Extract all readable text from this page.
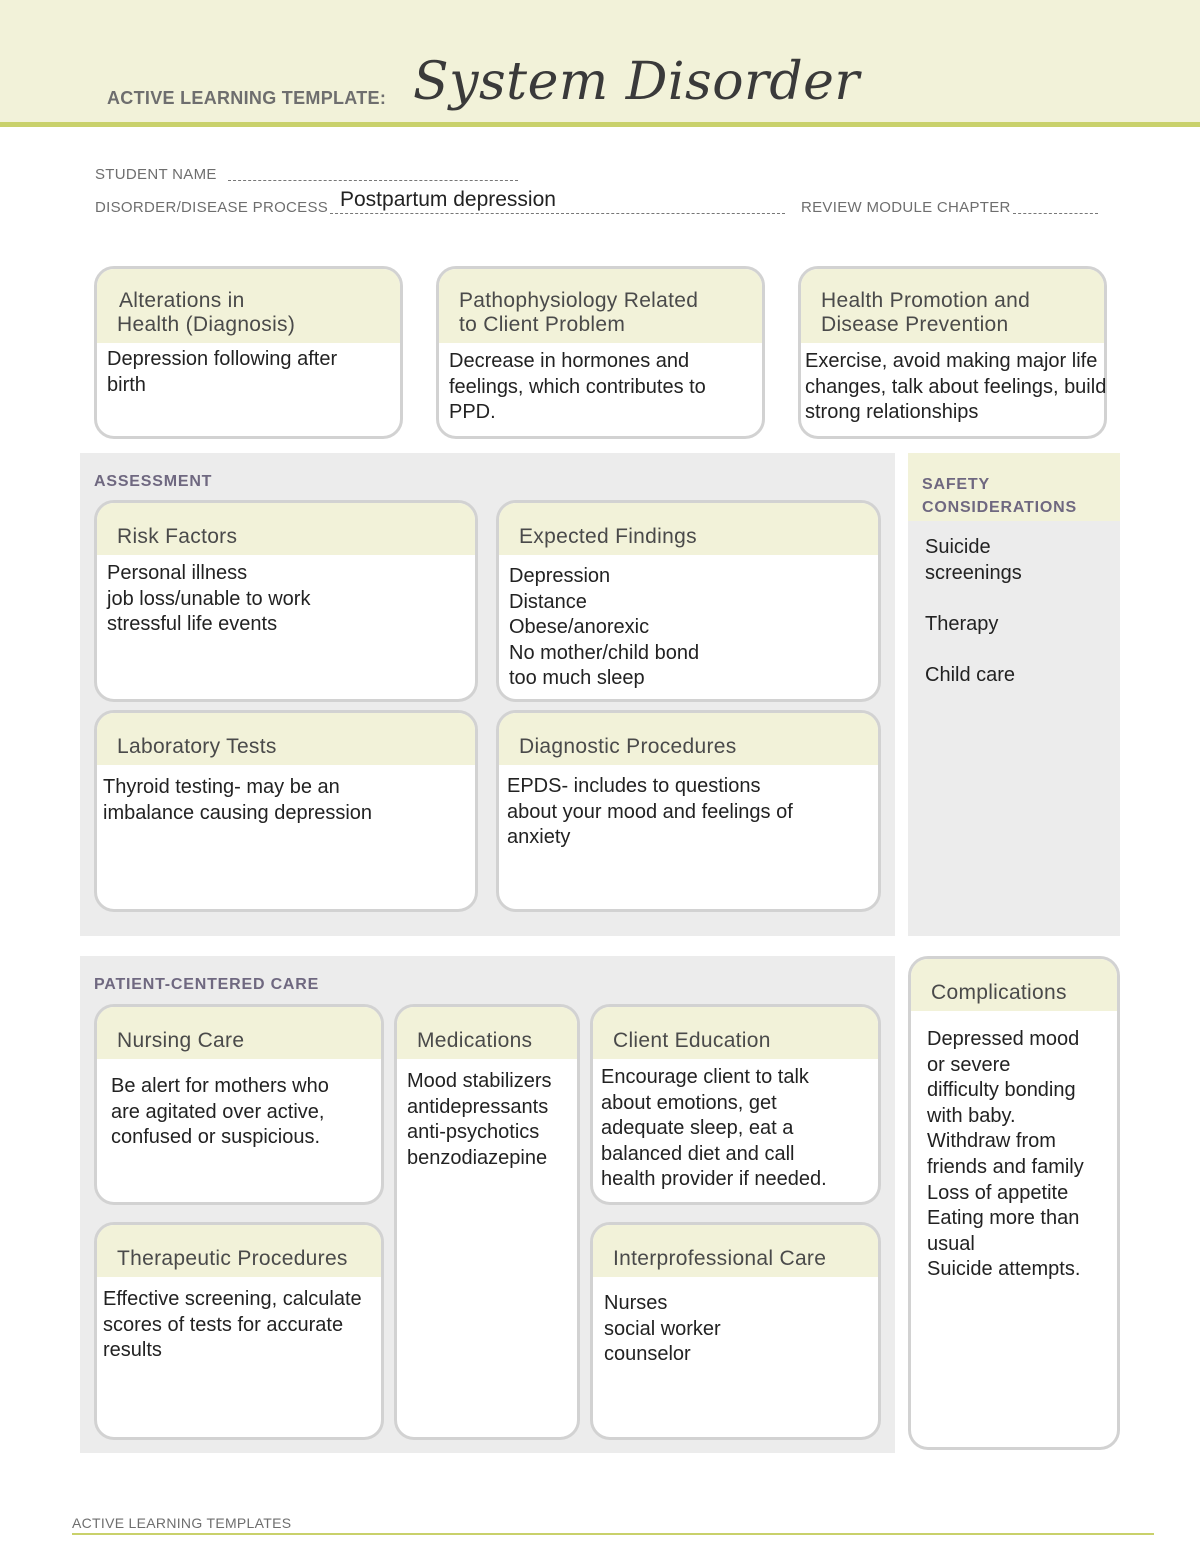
ACTIVE LEARNING TEMPLATE: System Disorder
STUDENT NAME
DISORDER/DISEASE PROCESS Postpartum depression	REVIEW MODULE CHAPTER
Alterations in
Health (Diagnosis)
Depression following after
birth
Pathophysiology Related
to Client Problem
Decrease in hormones and
feelings, which contributes to
PPD.
Health Promotion and
Disease Prevention
Exercise, avoid making major life
changes, talk about feelings, build
strong relationships
ASSESSMENT
Risk Factors
Personal illness
job loss/unable to work
stressful life events
Expected Findings
Depression
Distance
Obese/anorexic
No mother/child bond
too much sleep
Laboratory Tests
Thyroid testing- may be an
imbalance causing depression
Diagnostic Procedures
EPDS- includes to questions
about your mood and feelings of
anxiety
SAFETY
CONSIDERATIONS
Suicide
screenings

Therapy

Child care
PATIENT-CENTERED CARE
Nursing Care
Be alert for mothers who
are agitated over active,
confused or suspicious.
Medications
Mood stabilizers
antidepressants
anti-psychotics
benzodiazepine
Client Education
Encourage client to talk
about emotions, get
adequate sleep, eat a
balanced diet and call
health provider if needed.
Therapeutic Procedures
Effective screening, calculate
scores of tests for accurate
results
Interprofessional Care
Nurses
social worker
counselor
Complications
Depressed mood
or severe
difficulty bonding
with baby.
Withdraw from
friends and family
Loss of appetite
Eating more than
usual
Suicide attempts.
ACTIVE LEARNING TEMPLATES
